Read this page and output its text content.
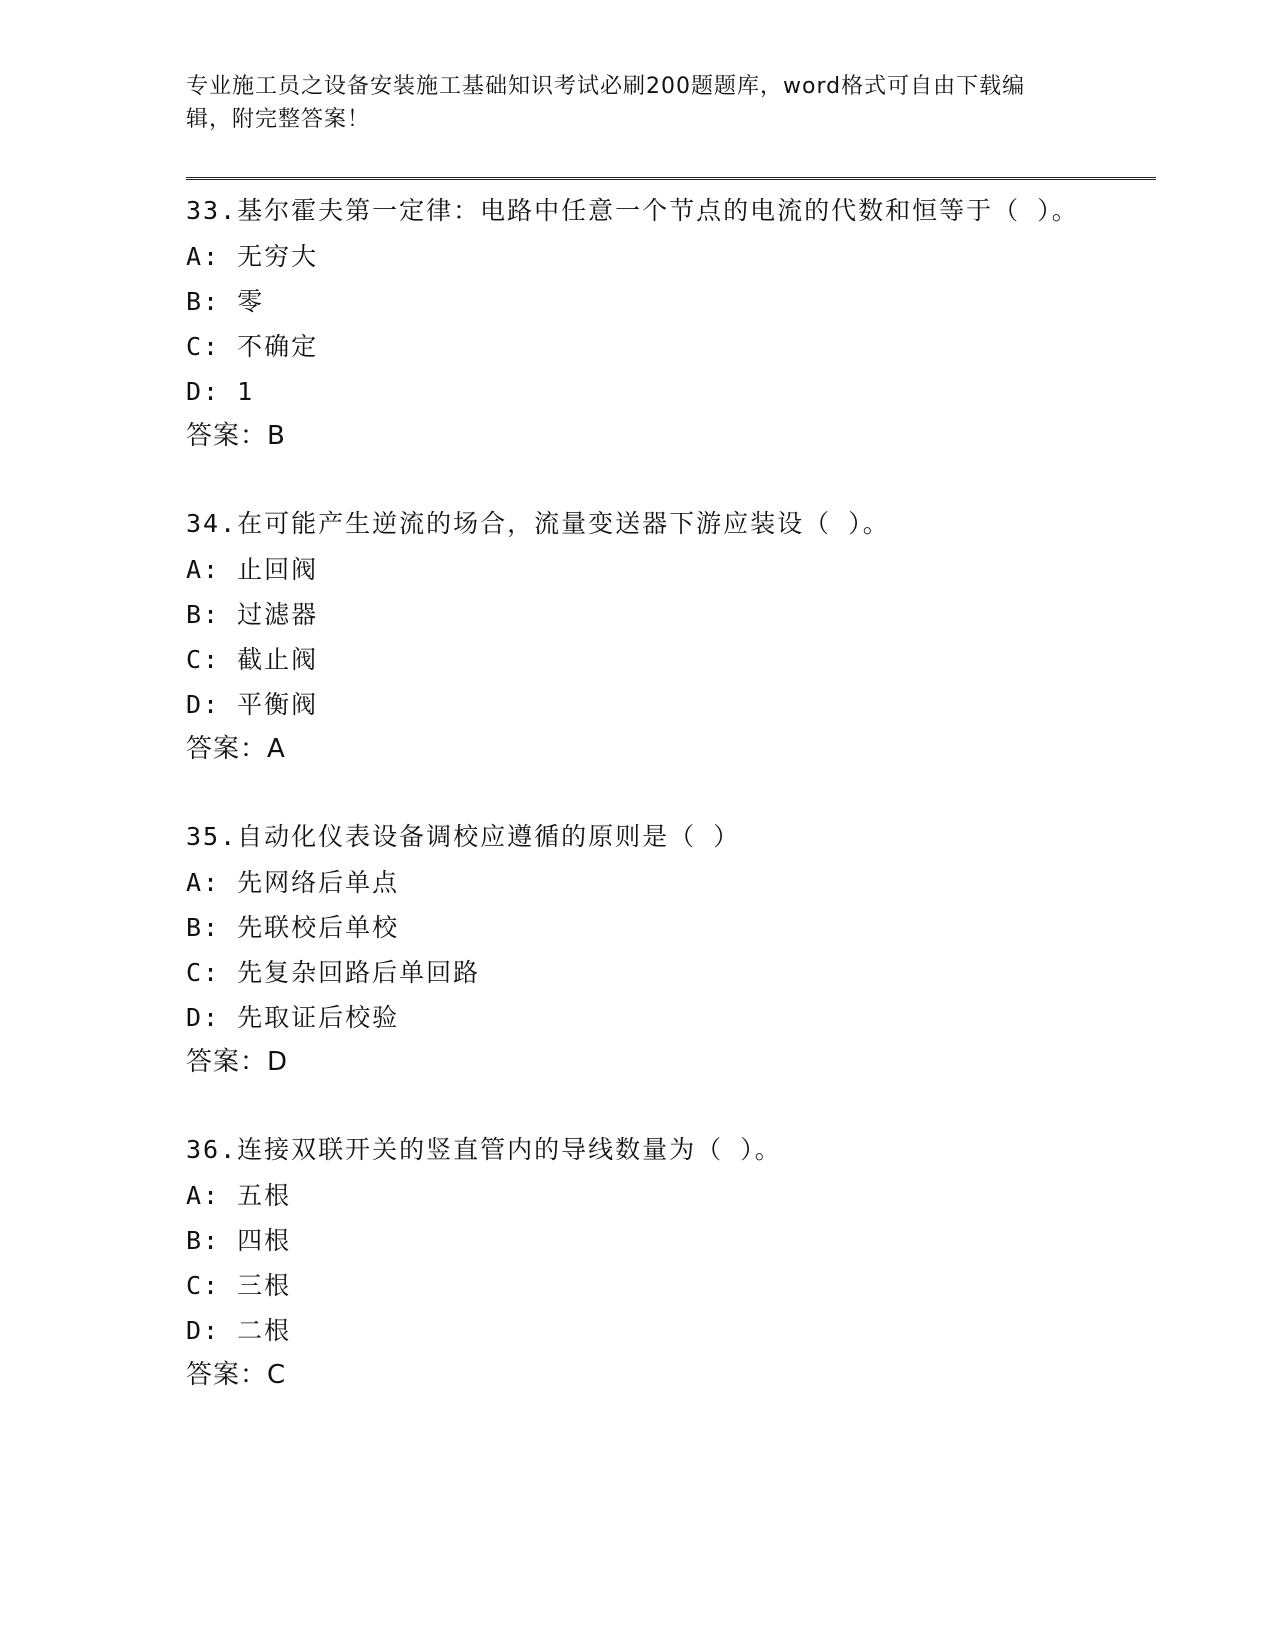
专业施工员之设备安装施工基础知识考试必刷200题题库，word格式可自由下载编辑，附完整答案！
33.基尔霍夫第一定律：电路中任意一个节点的电流的代数和恒等于（ ）。
A: 无穷大
B: 零
C: 不确定
D: 1
答案：B
34.在可能产生逆流的场合，流量变送器下游应装设（ ）。
A: 止回阀
B: 过滤器
C: 截止阀
D: 平衡阀
答案：A
35.自动化仪表设备调校应遵循的原则是（ ）
A: 先网络后单点
B: 先联校后单校
C: 先复杂回路后单回路
D: 先取证后校验
答案：D
36.连接双联开关的竖直管内的导线数量为（ ）。
A: 五根
B: 四根
C: 三根
D: 二根
答案：C
